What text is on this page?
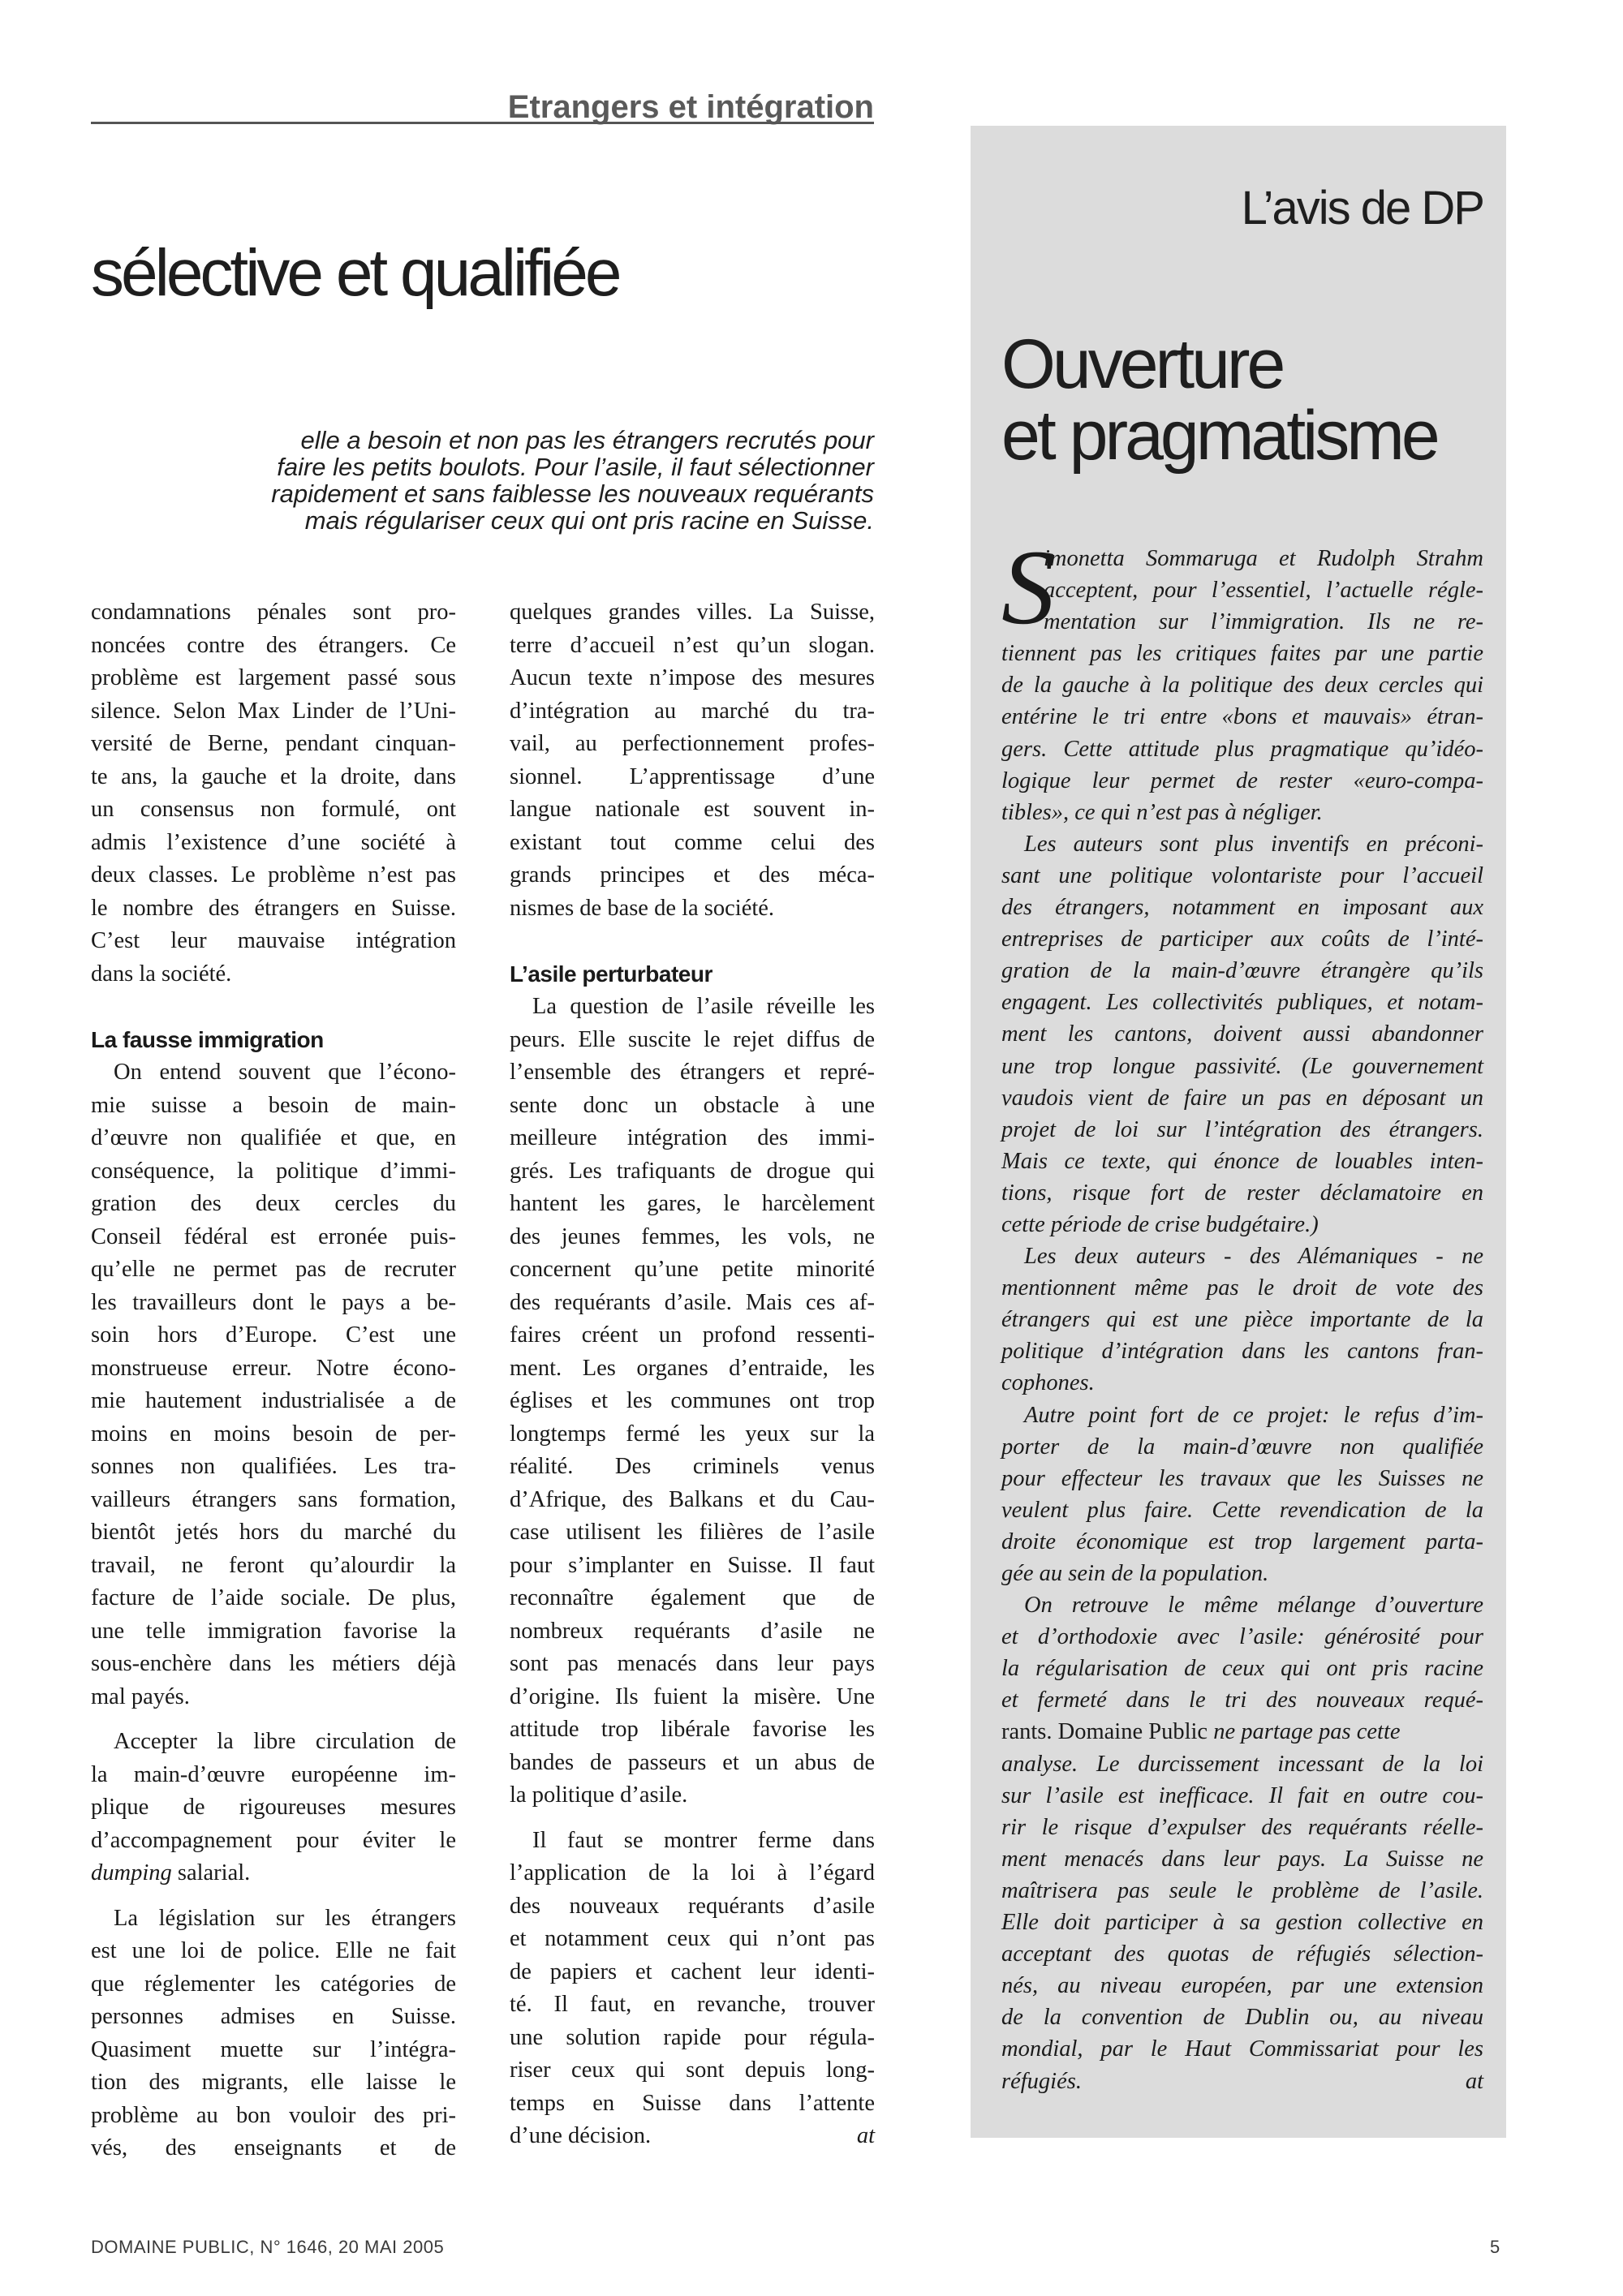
Etrangers et intégration
sélective et qualifiée
elle a besoin et non pas les étrangers recrutés pour
faire les petits boulots. Pour l’asile, il faut sélectionner
rapidement et sans faiblesse les nouveaux requérants
mais régulariser ceux qui ont pris racine en Suisse.
condamnations pénales sont pro-
noncées contre des étrangers. Ce
problème est largement passé sous
silence. Selon Max Linder de l’Uni-
versité de Berne, pendant cinquan-
te ans, la gauche et la droite, dans
un consensus non formulé, ont
admis l’existence d’une société à
deux classes. Le problème n’est pas
le nombre des étrangers en Suisse.
C’est leur mauvaise intégration
dans la société.
La fausse immigration
On entend souvent que l’écono-
mie suisse a besoin de main-
d’œuvre non qualifiée et que, en
conséquence, la politique d’immi-
gration des deux cercles du
Conseil fédéral est erronée puis-
qu’elle ne permet pas de recruter
les travailleurs dont le pays a be-
soin hors d’Europe. C’est une
monstrueuse erreur. Notre écono-
mie hautement industrialisée a de
moins en moins besoin de per-
sonnes non qualifiées. Les tra-
vailleurs étrangers sans formation,
bientôt jetés hors du marché du
travail, ne feront qu’alourdir la
facture de l’aide sociale. De plus,
une telle immigration favorise la
sous-enchère dans les métiers déjà
mal payés.
Accepter la libre circulation de
la main-d’œuvre européenne im-
plique de rigoureuses mesures
d’accompagnement pour éviter le
dumping salarial.
La législation sur les étrangers
est une loi de police. Elle ne fait
que réglementer les catégories de
personnes admises en Suisse.
Quasiment muette sur l’intégra-
tion des migrants, elle laisse le
problème au bon vouloir des pri-
vés, des enseignants et de
quelques grandes villes. La Suisse,
terre d’accueil n’est qu’un slogan.
Aucun texte n’impose des mesures
d’intégration au marché du tra-
vail, au perfectionnement profes-
sionnel. L’apprentissage d’une
langue nationale est souvent in-
existant tout comme celui des
grands principes et des méca-
nismes de base de la société.
L’asile perturbateur
La question de l’asile réveille les
peurs. Elle suscite le rejet diffus de
l’ensemble des étrangers et repré-
sente donc un obstacle à une
meilleure intégration des immi-
grés. Les trafiquants de drogue qui
hantent les gares, le harcèlement
des jeunes femmes, les vols, ne
concernent qu’une petite minorité
des requérants d’asile. Mais ces af-
faires créent un profond ressenti-
ment. Les organes d’entraide, les
églises et les communes ont trop
longtemps fermé les yeux sur la
réalité. Des criminels venus
d’Afrique, des Balkans et du Cau-
case utilisent les filières de l’asile
pour s’implanter en Suisse. Il faut
reconnaître également que de
nombreux requérants d’asile ne
sont pas menacés dans leur pays
d’origine. Ils fuient la misère. Une
attitude trop libérale favorise les
bandes de passeurs et un abus de
la politique d’asile.
Il faut se montrer ferme dans
l’application de la loi à l’égard
des nouveaux requérants d’asile
et notamment ceux qui n’ont pas
de papiers et cachent leur identi-
té. Il faut, en revanche, trouver
une solution rapide pour régula-
riser ceux qui sont depuis long-
temps en Suisse dans l’attente
d’une décision.	at
L’avis de DP
Ouverture
et pragmatisme
S
imonetta Sommaruga et Rudolph Strahm
acceptent, pour l’essentiel, l’actuelle régle-
mentation sur l’immigration. Ils ne re-
tiennent pas les critiques faites par une partie
de la gauche à la politique des deux cercles qui
entérine le tri entre «bons et mauvais» étran-
gers. Cette attitude plus pragmatique qu’idéo-
logique leur permet de rester «euro-compa-
tibles», ce qui n’est pas à négliger.
Les auteurs sont plus inventifs en préconi-
sant une politique volontariste pour l’accueil
des étrangers, notamment en imposant aux
entreprises de participer aux coûts de l’inté-
gration de la main-d’œuvre étrangère qu’ils
engagent. Les collectivités publiques, et notam-
ment les cantons, doivent aussi abandonner
une trop longue passivité. (Le gouvernement
vaudois vient de faire un pas en déposant un
projet de loi sur l’intégration des étrangers.
Mais ce texte, qui énonce de louables inten-
tions, risque fort de rester déclamatoire en
cette période de crise budgétaire.)
Les deux auteurs - des Alémaniques - ne
mentionnent même pas le droit de vote des
étrangers qui est une pièce importante de la
politique d’intégration dans les cantons fran-
cophones.
Autre point fort de ce projet: le refus d’im-
porter de la main-d’œuvre non qualifiée
pour effecteur les travaux que les Suisses ne
veulent plus faire. Cette revendication de la
droite économique est trop largement parta-
gée au sein de la population.
On retrouve le même mélange d’ouverture
et d’orthodoxie avec l’asile: générosité pour
la régularisation de ceux qui ont pris racine
et fermeté dans le tri des nouveaux requé-
rants. Domaine Public ne partage pas cette
analyse. Le durcissement incessant de la loi
sur l’asile est inefficace. Il fait en outre cou-
rir le risque d’expulser des requérants réelle-
ment menacés dans leur pays. La Suisse ne
maîtrisera pas seule le problème de l’asile.
Elle doit participer à sa gestion collective en
acceptant des quotas de réfugiés sélection-
nés, au niveau européen, par une extension
de la convention de Dublin ou, au niveau
mondial, par le Haut Commissariat pour les
réfugiés.	at
DOMAINE PUBLIC, N° 1646, 20 MAI 2005	5
